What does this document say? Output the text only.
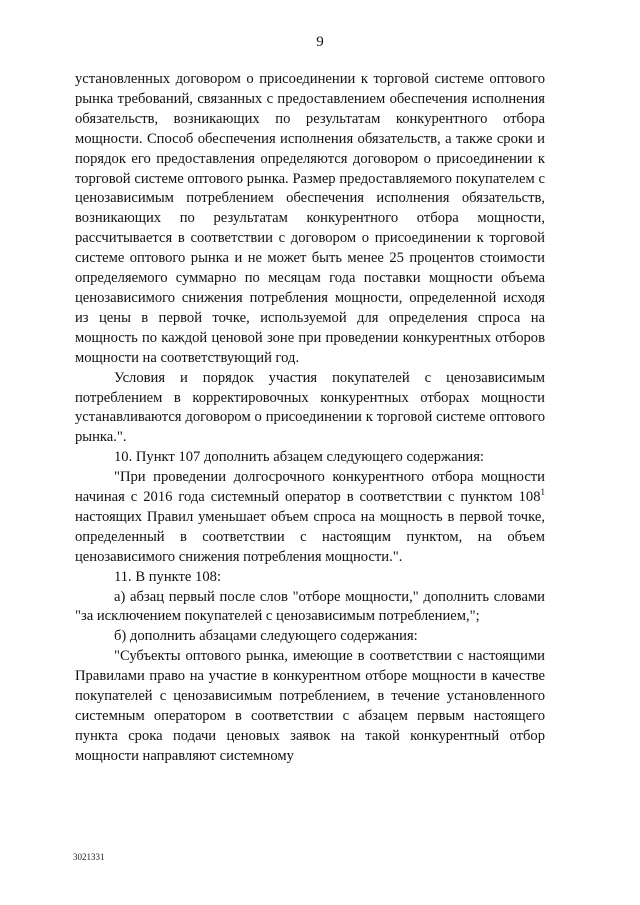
9

установленных договором о присоединении к торговой системе оптового рынка требований, связанных с предоставлением обеспечения исполнения обязательств, возникающих по результатам конкурентного отбора мощности. Способ обеспечения исполнения обязательств, а также сроки и порядок его предоставления определяются договором о присоединении к торговой системе оптового рынка. Размер предоставляемого покупателем с ценозависимым потреблением обеспечения исполнения обязательств, возникающих по результатам конкурентного отбора мощности, рассчитывается в соответствии с договором о присоединении к торговой системе оптового рынка и не может быть менее 25 процентов стоимости определяемого суммарно по месяцам года поставки мощности объема ценозависимого снижения потребления мощности, определенной исходя из цены в первой точке, используемой для определения спроса на мощность по каждой ценовой зоне при проведении конкурентных отборов мощности на соответствующий год.

Условия и порядок участия покупателей с ценозависимым потреблением в корректировочных конкурентных отборах мощности устанавливаются договором о присоединении к торговой системе оптового рынка.".

10. Пункт 107 дополнить абзацем следующего содержания:

"При проведении долгосрочного конкурентного отбора мощности начиная с 2016 года системный оператор в соответствии с пунктом $108^1$ настоящих Правил уменьшает объем спроса на мощность в первой точке, определенный в соответствии с настоящим пунктом, на объем ценозависимого снижения потребления мощности.".

11. В пункте 108:

а) абзац первый после слов "отборе мощности," дополнить словами "за исключением покупателей с ценозависимым потреблением,";

б) дополнить абзацами следующего содержания:

"Субъекты оптового рынка, имеющие в соответствии с настоящими Правилами право на участие в конкурентном отборе мощности в качестве покупателей с ценозависимым потреблением, в течение установленного системным оператором в соответствии с абзацем первым настоящего пункта срока подачи ценовых заявок на такой конкурентный отбор мощности направляют системному

3021331
